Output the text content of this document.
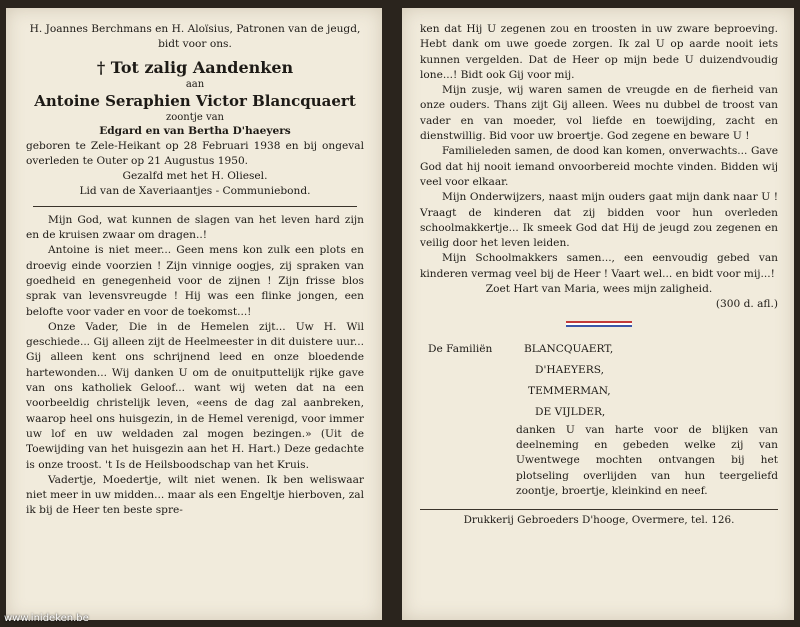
H. Joannes Berchmans en H. Aloïsius, Patronen van de jeugd, bidt voor ons.

† Tot zalig Aandenken
aan
Antoine Seraphien Victor Blancquaert
zoontje van
Edgard en van Bertha D'haeyers

geboren te Zele-Heikant op 28 Februari 1938 en bij ongeval overleden te Outer op 21 Augustus 1950.

Gezalfd met het H. Oliesel.

Lid van de Xaveriaantjes - Communiebond.

Mijn God, wat kunnen de slagen van het leven hard zijn en de kruisen zwaar om dragen..!

Antoine is niet meer... Geen mens kon zulk een plots en droevig einde voorzien ! Zijn vinnige oogjes, zij spraken van goedheid en genegenheid voor de zijnen ! Zijn frisse blos sprak van levensvreugde ! Hij was een flinke jongen, een belofte voor vader en voor de toekomst...!

Onze Vader, Die in de Hemelen zijt... Uw H. Wil geschiede... Gij alleen zijt de Heelmeester in dit duistere uur... Gij alleen kent ons schrijnend leed en onze bloedende hartewonden... Wij danken U om de onuitputtelijk rijke gave van ons katholiek Geloof... want wij weten dat na een voorbeeldig christelijk leven, «eens de dag zal aanbreken, waarop heel ons huisgezin, in de Hemel verenigd, voor immer uw lof en uw weldaden zal mogen bezingen.» (Uit de Toewijding van het huisgezin aan het H. Hart.) Deze gedachte is onze troost. 't Is de Heilsboodschap van het Kruis.

Vadertje, Moedertje, wilt niet wenen. Ik ben weliswaar niet meer in uw midden... maar als een Engeltje hierboven, zal ik bij de Heer ten beste spre-

ken dat Hij U zegenen zou en troosten in uw zware beproeving. Hebt dank om uwe goede zorgen. Ik zal U op aarde nooit iets kunnen vergelden. Dat de Heer op mijn bede U duizendvoudig lone...! Bidt ook Gij voor mij.

Mijn zusje, wij waren samen de vreugde en de fierheid van onze ouders. Thans zijt Gij alleen. Wees nu dubbel de troost van vader en van moeder, vol liefde en toewijding, zacht en dienstwillig. Bid voor uw broertje. God zegene en beware U !

Familieleden samen, de dood kan komen, onverwachts... Gave God dat hij nooit iemand onvoorbereid mochte vinden. Bidden wij veel voor elkaar.

Mijn Onderwijzers, naast mijn ouders gaat mijn dank naar U ! Vraagt de kinderen dat zij bidden voor hun overleden schoolmakkertje... Ik smeek God dat Hij de jeugd zou zegenen en veilig door het leven leiden.

Mijn Schoolmakkers samen..., een eenvoudig gebed van kinderen vermag veel bij de Heer ! Vaart wel... en bidt voor mij...!

Zoet Hart van Maria, wees mijn zaligheid.

(300 d. afl.)

De Familiën	BLANCQUAERT,
D'HAEYERS,
TEMMERMAN,
DE VIJLDER,

danken U van harte voor de blijken van deelneming en gebeden welke zij van Uwentwege mochten ontvangen bij het plotseling overlijden van hun teergeliefd zoontje, broertje, kleinkind en neef.

Drukkerij Gebroeders D'hooge, Overmere, tel. 126.
www.inideken.be
